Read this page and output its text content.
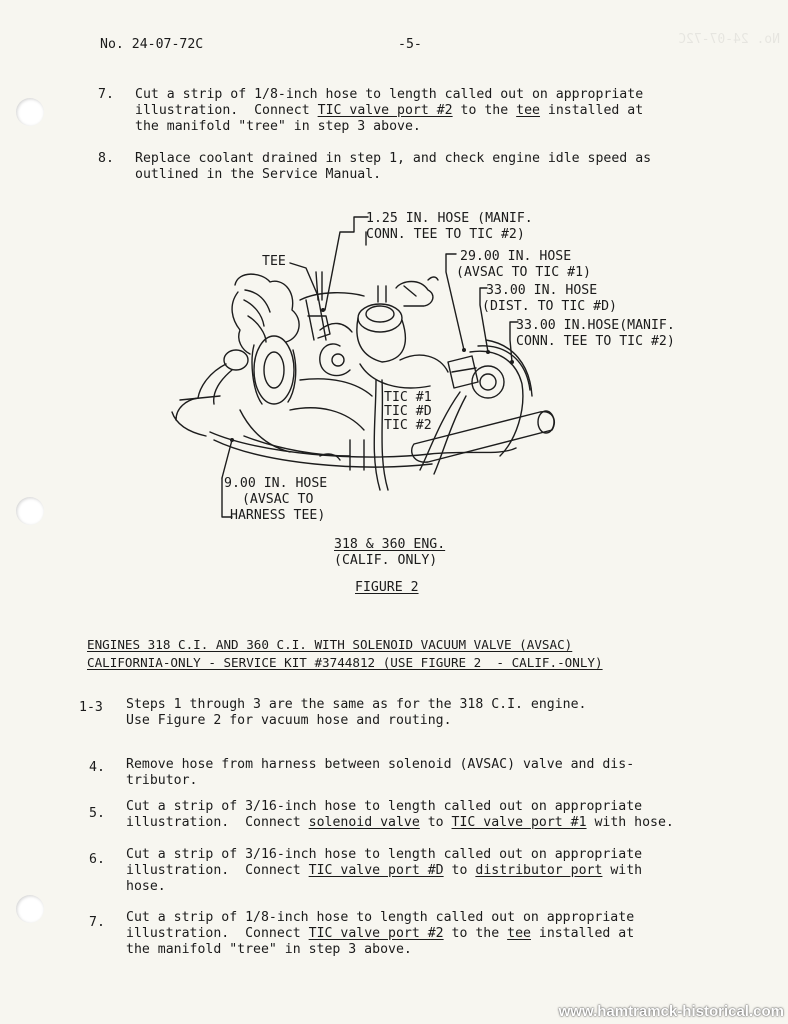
No. 24-07-72C
No. 24-07-72C	-5-
7. Cut a strip of 1/8-inch hose to length called out on appropriate
illustration.  Connect TIC valve port #2 to the tee installed at
the manifold "tree" in step 3 above.
8. Replace coolant drained in step 1, and check engine idle speed as
outlined in the Service Manual.
1.25 IN. HOSE (MANIF.
CONN. TEE TO TIC #2)
29.00 IN. HOSE
(AVSAC TO TIC #1)
TEE
33.00 IN. HOSE
(DIST. TO TIC #D)
33.00 IN.HOSE(MANIF.
CONN. TEE TO TIC #2)
TIC #1
TIC #D
TIC #2
9.00 IN. HOSE
(AVSAC TO
HARNESS TEE)
318 & 360 ENG.
(CALIF. ONLY)
FIGURE 2
ENGINES 318 C.I. AND 360 C.I. WITH SOLENOID VACUUM VALVE (AVSAC)
CALIFORNIA-ONLY - SERVICE KIT #3744812 (USE FIGURE 2  - CALIF.-ONLY)
1-3 Steps 1 through 3 are the same as for the 318 C.I. engine.
Use Figure 2 for vacuum hose and routing.
4. Remove hose from harness between solenoid (AVSAC) valve and dis-
tributor.
5. Cut a strip of 3/16-inch hose to length called out on appropriate
illustration.  Connect solenoid valve to TIC valve port #1 with hose.
6. Cut a strip of 3/16-inch hose to length called out on appropriate
illustration.  Connect TIC valve port #D to distributor port with
hose.
7. Cut a strip of 1/8-inch hose to length called out on appropriate
illustration.  Connect TIC valve port #2 to the tee installed at
the manifold "tree" in step 3 above.
www.hamtramck-historical.com
